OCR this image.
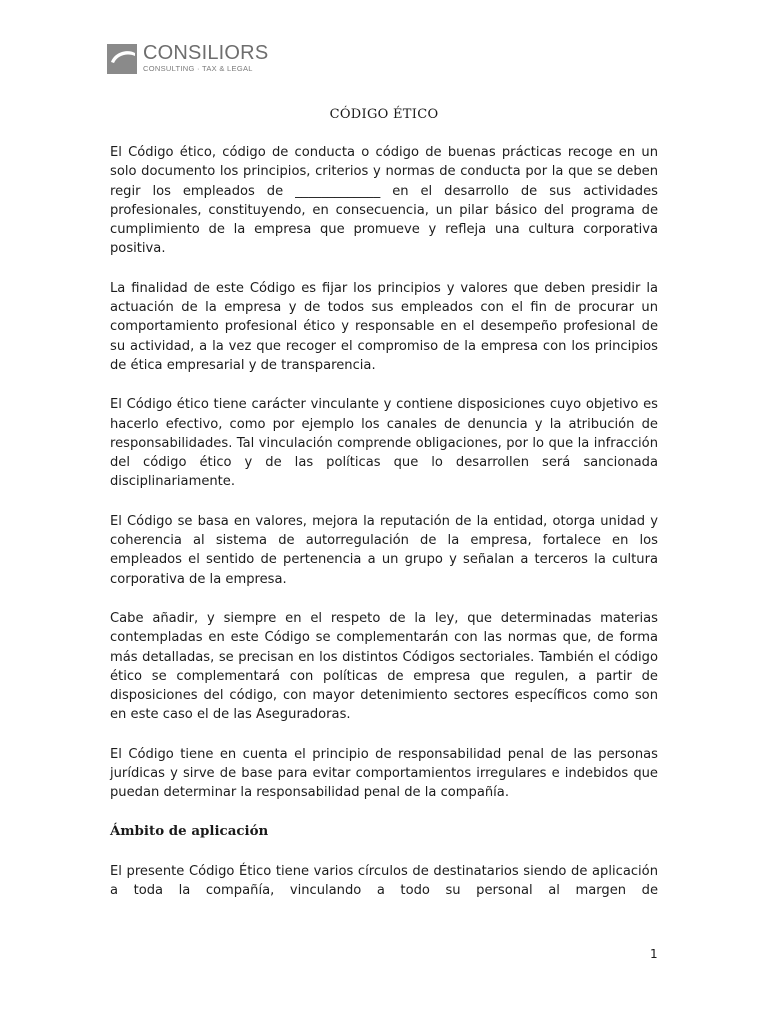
CONSILIORS
CONSULTING · TAX & LEGAL
CÓDIGO ÉTICO

El Código ético, código de conducta o código de buenas prácticas recoge en un solo documento los principios, criterios y normas de conducta por la que se deben regir los empleados de _____________ en el desarrollo de sus actividades profesionales, constituyendo, en consecuencia, un pilar básico del programa de cumplimiento de la empresa que promueve y refleja una cultura corporativa positiva.

La finalidad de este Código es fijar los principios y valores que deben presidir la actuación de la empresa y de todos sus empleados con el fin de procurar un comportamiento profesional ético y responsable en el desempeño profesional de su actividad, a la vez que recoger el compromiso de la empresa con los principios de ética empresarial y de transparencia.

El Código ético tiene carácter vinculante y contiene disposiciones cuyo objetivo es hacerlo efectivo, como por ejemplo los canales de denuncia y la atribución de responsabilidades. Tal vinculación comprende obligaciones, por lo que la infracción del código ético y de las políticas que lo desarrollen será sancionada disciplinariamente.

El Código se basa en valores, mejora la reputación de la entidad, otorga unidad y coherencia al sistema de autorregulación de la empresa, fortalece en los empleados el sentido de pertenencia a un grupo y señalan a terceros la cultura corporativa de la empresa.

Cabe añadir, y siempre en el respeto de la ley, que determinadas materias contempladas en este Código se complementarán con las normas que, de forma más detalladas, se precisan en los distintos Códigos sectoriales. También el código ético se complementará con políticas de empresa que regulen, a partir de disposiciones del código, con mayor detenimiento sectores específicos como son en este caso el de las Aseguradoras.

El Código tiene en cuenta el principio de responsabilidad penal de las personas jurídicas y sirve de base para evitar comportamientos irregulares e indebidos que puedan determinar la responsabilidad penal de la compañía.

Ámbito de aplicación

El presente Código Ético tiene varios círculos de destinatarios siendo de aplicación a toda la compañía, vinculando a todo su personal al margen de

1
